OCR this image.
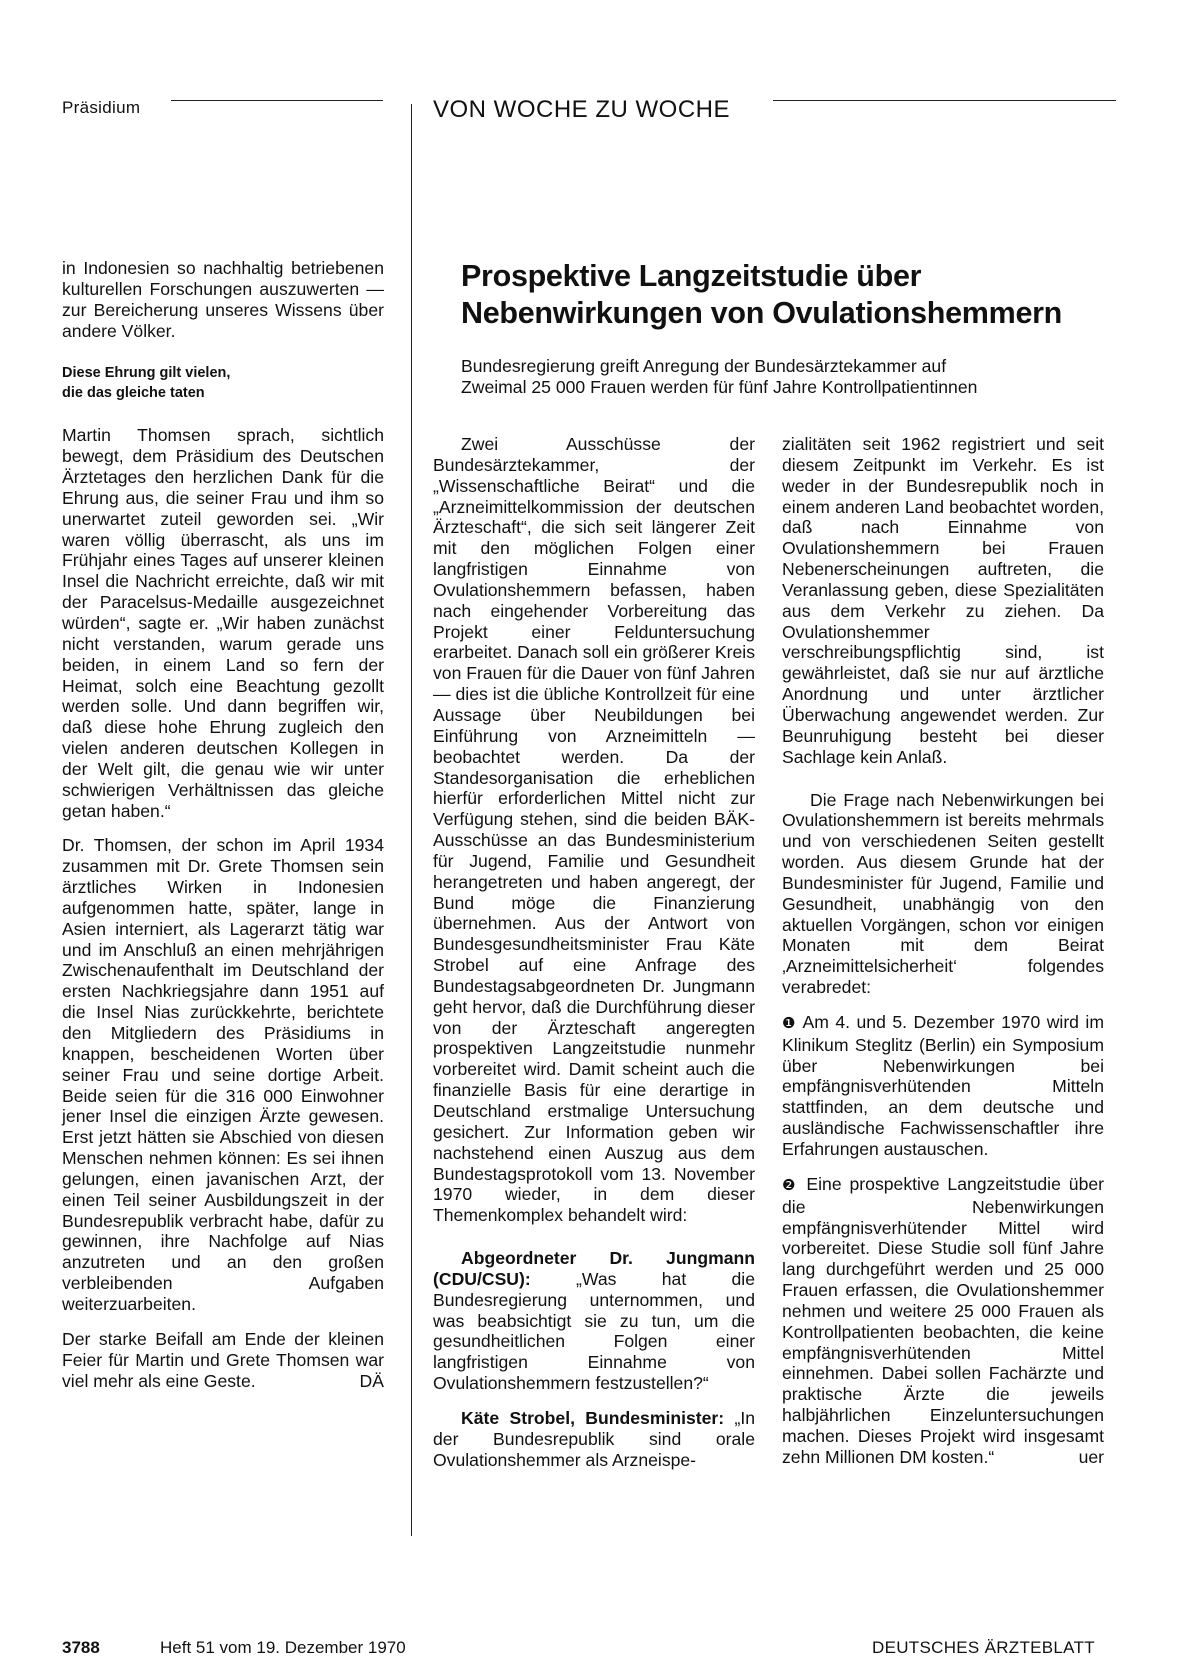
Präsidium	VON WOCHE ZU WOCHE

in Indonesien so nachhaltig betriebenen kulturellen Forschungen auszuwerten — zur Bereicherung unseres Wissens über andere Völker.

Diese Ehrung gilt vielen,
die das gleiche taten

Martin Thomsen sprach, sichtlich bewegt, dem Präsidium des Deutschen Ärztetages den herzlichen Dank für die Ehrung aus, die seiner Frau und ihm so unerwartet zuteil geworden sei. „Wir waren völlig überrascht, als uns im Frühjahr eines Tages auf unserer kleinen Insel die Nachricht erreichte, daß wir mit der Paracelsus-Medaille ausgezeichnet würden“, sagte er. „Wir haben zunächst nicht verstanden, warum gerade uns beiden, in einem Land so fern der Heimat, solch eine Beachtung gezollt werden solle. Und dann begriffen wir, daß diese hohe Ehrung zugleich den vielen anderen deutschen Kollegen in der Welt gilt, die genau wie wir unter schwierigen Verhältnissen das gleiche getan haben.“

Dr. Thomsen, der schon im April 1934 zusammen mit Dr. Grete Thomsen sein ärztliches Wirken in Indonesien aufgenommen hatte, später, lange in Asien interniert, als Lagerarzt tätig war und im Anschluß an einen mehrjährigen Zwischenaufenthalt im Deutschland der ersten Nachkriegsjahre dann 1951 auf die Insel Nias zurückkehrte, berichtete den Mitgliedern des Präsidiums in knappen, bescheidenen Worten über seiner Frau und seine dortige Arbeit. Beide seien für die 316 000 Einwohner jener Insel die einzigen Ärzte gewesen. Erst jetzt hätten sie Abschied von diesen Menschen nehmen können: Es sei ihnen gelungen, einen javanischen Arzt, der einen Teil seiner Ausbildungszeit in der Bundesrepublik verbracht habe, dafür zu gewinnen, ihre Nachfolge auf Nias anzutreten und an den großen verbleibenden Aufgaben weiterzuarbeiten.

Der starke Beifall am Ende der kleinen Feier für Martin und Grete Thomsen war viel mehr als eine Geste.	DÄ

Prospektive Langzeitstudie über
Nebenwirkungen von Ovulationshemmern
Bundesregierung greift Anregung der Bundesärztekammer auf
Zweimal 25 000 Frauen werden für fünf Jahre Kontrollpatientinnen

Zwei Ausschüsse der Bundesärztekammer, der „Wissenschaftliche Beirat“ und die „Arzneimittelkommission der deutschen Ärzteschaft“, die sich seit längerer Zeit mit den möglichen Folgen einer langfristigen Einnahme von Ovulationshemmern befassen, haben nach eingehender Vorbereitung das Projekt einer Felduntersuchung erarbeitet. Danach soll ein größerer Kreis von Frauen für die Dauer von fünf Jahren — dies ist die übliche Kontrollzeit für eine Aussage über Neubildungen bei Einführung von Arzneimitteln — beobachtet werden. Da der Standesorganisation die erheblichen hierfür erforderlichen Mittel nicht zur Verfügung stehen, sind die beiden BÄK-Ausschüsse an das Bundesministerium für Jugend, Familie und Gesundheit herangetreten und haben angeregt, der Bund möge die Finanzierung übernehmen. Aus der Antwort von Bundesgesundheitsminister Frau Käte Strobel auf eine Anfrage des Bundestagsabgeordneten Dr. Jungmann geht hervor, daß die Durchführung dieser von der Ärzteschaft angeregten prospektiven Langzeitstudie nunmehr vorbereitet wird. Damit scheint auch die finanzielle Basis für eine derartige in Deutschland erstmalige Untersuchung gesichert. Zur Information geben wir nachstehend einen Auszug aus dem Bundestagsprotokoll vom 13. November 1970 wieder, in dem dieser Themenkomplex behandelt wird:

Abgeordneter Dr. Jungmann (CDU/CSU): „Was hat die Bundesregierung unternommen, und was beabsichtigt sie zu tun, um die gesundheitlichen Folgen einer langfristigen Einnahme von Ovulationshemmern festzustellen?“

Käte Strobel, Bundesminister: „In der Bundesrepublik sind orale Ovulationshemmer als Arzneispe-

zialitäten seit 1962 registriert und seit diesem Zeitpunkt im Verkehr. Es ist weder in der Bundesrepublik noch in einem anderen Land beobachtet worden, daß nach Einnahme von Ovulationshemmern bei Frauen Nebenerscheinungen auftreten, die Veranlassung geben, diese Spezialitäten aus dem Verkehr zu ziehen. Da Ovulationshemmer verschreibungspflichtig sind, ist gewährleistet, daß sie nur auf ärztliche Anordnung und unter ärztlicher Überwachung angewendet werden. Zur Beunruhigung besteht bei dieser Sachlage kein Anlaß.

Die Frage nach Nebenwirkungen bei Ovulationshemmern ist bereits mehrmals und von verschiedenen Seiten gestellt worden. Aus diesem Grunde hat der Bundesminister für Jugend, Familie und Gesundheit, unabhängig von den aktuellen Vorgängen, schon vor einigen Monaten mit dem Beirat ‚Arzneimittelsicherheit‘ folgendes verabredet:

❶ Am 4. und 5. Dezember 1970 wird im Klinikum Steglitz (Berlin) ein Symposium über Nebenwirkungen bei empfängnisverhütenden Mitteln stattfinden, an dem deutsche und ausländische Fachwissenschaftler ihre Erfahrungen austauschen.

❷ Eine prospektive Langzeitstudie über die Nebenwirkungen empfängnisverhütender Mittel wird vorbereitet. Diese Studie soll fünf Jahre lang durchgeführt werden und 25 000 Frauen erfassen, die Ovulationshemmer nehmen und weitere 25 000 Frauen als Kontrollpatienten beobachten, die keine empfängnisverhütenden Mittel einnehmen. Dabei sollen Fachärzte und praktische Ärzte die jeweils halbjährlichen Einzeluntersuchungen machen. Dieses Projekt wird insgesamt zehn Millionen DM kosten.“	uer

3788	Heft 51 vom 19. Dezember 1970	DEUTSCHES ÄRZTEBLATT
